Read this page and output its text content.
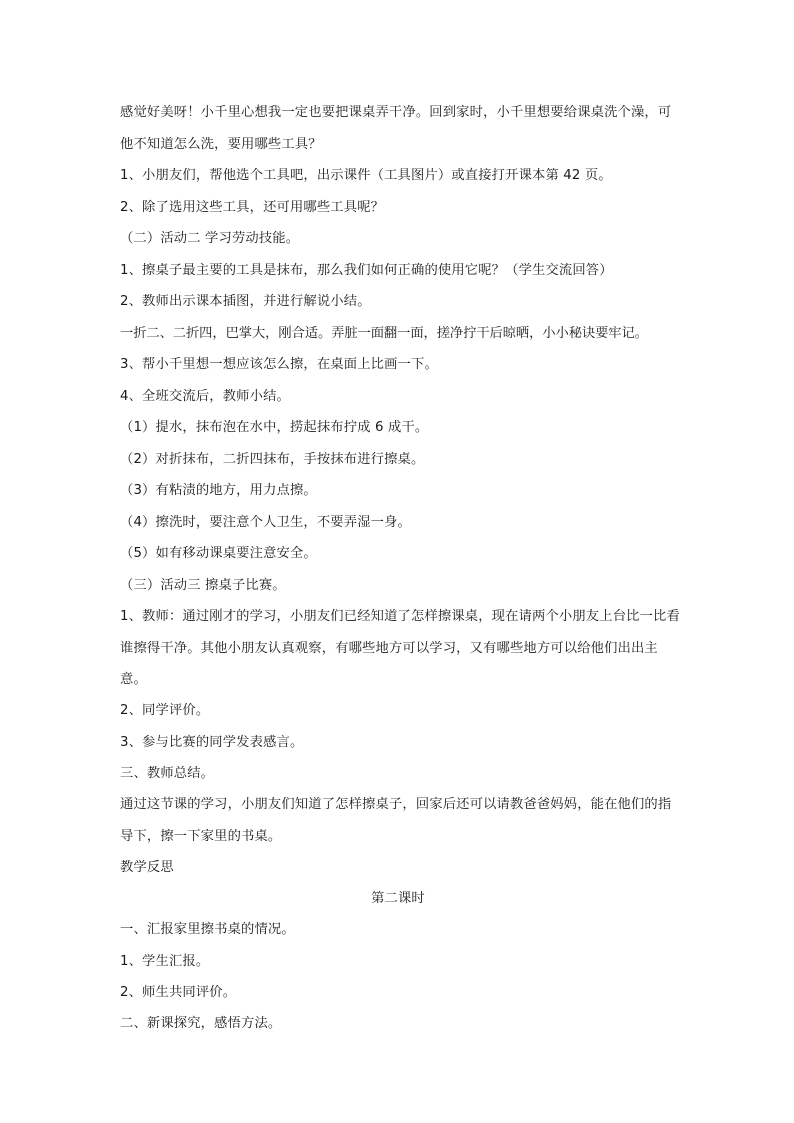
感觉好美呀！小千里心想我一定也要把课桌弄干净。回到家时，小千里想要给课桌洗个澡，可他不知道怎么洗，要用哪些工具？
1、小朋友们，帮他选个工具吧，出示课件（工具图片）或直接打开课本第 42 页。
2、除了选用这些工具，还可用哪些工具呢？
（二）活动二 学习劳动技能。
1、擦桌子最主要的工具是抹布，那么我们如何正确的使用它呢？（学生交流回答）
2、教师出示课本插图，并进行解说小结。
一折二、二折四，巴掌大，刚合适。弄脏一面翻一面，搓净拧干后晾晒，小小秘诀要牢记。
3、帮小千里想一想应该怎么擦，在桌面上比画一下。
4、全班交流后，教师小结。
（1）提水，抹布泡在水中，捞起抹布拧成 6 成干。
（2）对折抹布，二折四抹布，手按抹布进行擦桌。
（3）有粘渍的地方，用力点擦。
（4）擦洗时，要注意个人卫生，不要弄湿一身。
（5）如有移动课桌要注意安全。
（三）活动三 擦桌子比赛。
1、教师：通过刚才的学习，小朋友们已经知道了怎样擦课桌，现在请两个小朋友上台比一比看谁擦得干净。其他小朋友认真观察，有哪些地方可以学习，又有哪些地方可以给他们出出主意。
2、同学评价。
3、参与比赛的同学发表感言。
三、教师总结。
通过这节课的学习，小朋友们知道了怎样擦桌子，回家后还可以请教爸爸妈妈，能在他们的指导下，擦一下家里的书桌。
教学反思
第二课时
一、汇报家里擦书桌的情况。
1、学生汇报。
2、师生共同评价。
二、新课探究，感悟方法。
